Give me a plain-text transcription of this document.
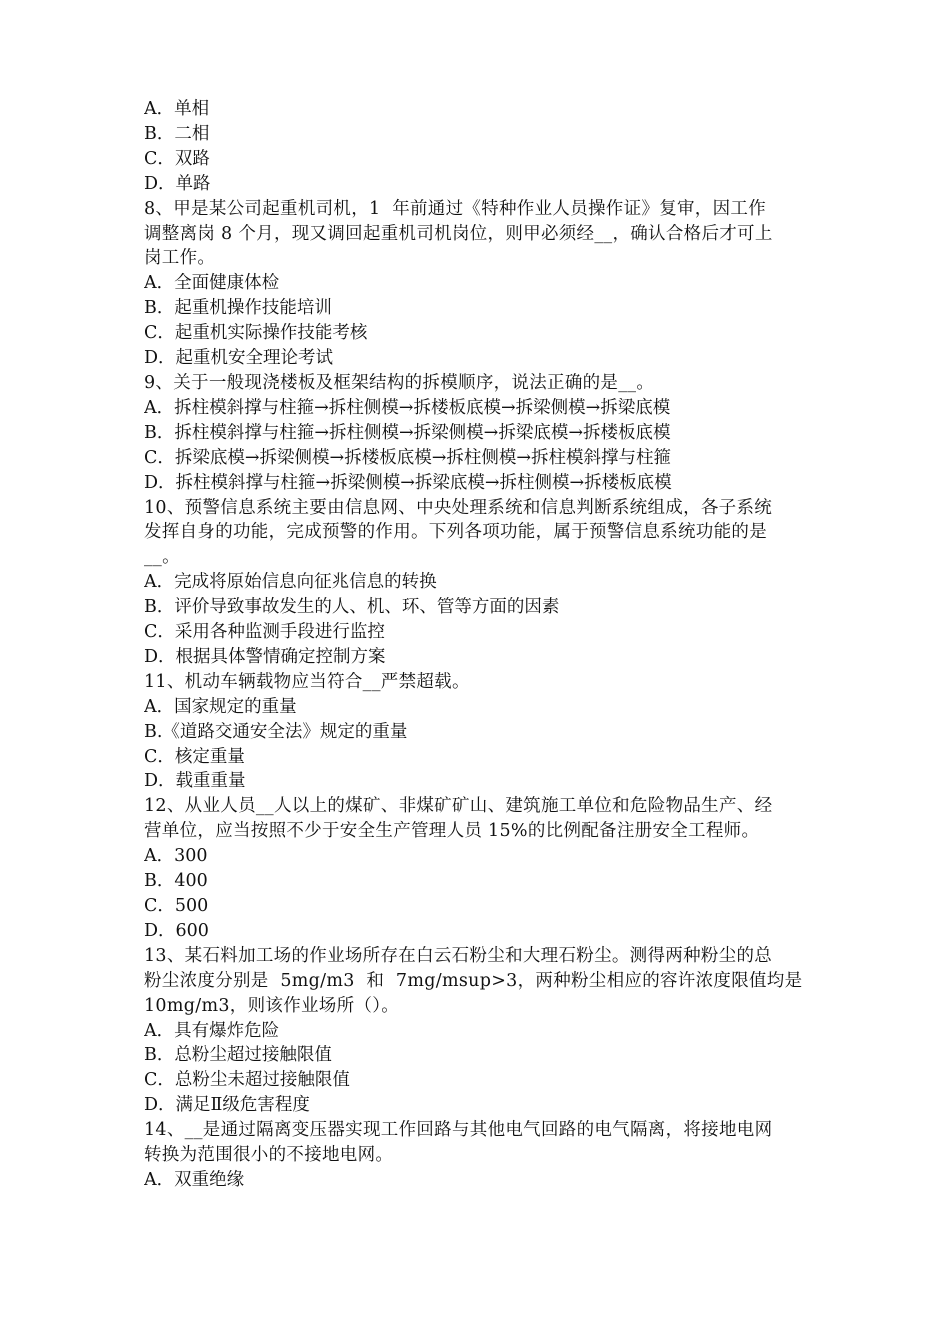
A．单相
B．二相
C．双路
D．单路
8、甲是某公司起重机司机，1  年前通过《特种作业人员操作证》复审，因工作
调整离岗 8 个月，现又调回起重机司机岗位，则甲必须经__，确认合格后才可上
岗工作。
A．全面健康体检
B．起重机操作技能培训
C．起重机实际操作技能考核
D．起重机安全理论考试
9、关于一般现浇楼板及框架结构的拆模顺序，说法正确的是__。
A．拆柱模斜撑与柱箍→拆柱侧模→拆楼板底模→拆梁侧模→拆梁底模
B．拆柱模斜撑与柱箍→拆柱侧模→拆梁侧模→拆梁底模→拆楼板底模
C．拆梁底模→拆梁侧模→拆楼板底模→拆柱侧模→拆柱模斜撑与柱箍
D．拆柱模斜撑与柱箍→拆梁侧模→拆梁底模→拆柱侧模→拆楼板底模
10、预警信息系统主要由信息网、中央处理系统和信息判断系统组成，各子系统
发挥自身的功能，完成预警的作用。下列各项功能，属于预警信息系统功能的是
__。
A．完成将原始信息向征兆信息的转换
B．评价导致事故发生的人、机、环、管等方面的因素
C．采用各种监测手段进行监控
D．根据具体警情确定控制方案
11、机动车辆载物应当符合__严禁超载。
A．国家规定的重量
B.《道路交通安全法》规定的重量
C．核定重量
D．载重重量
12、从业人员__人以上的煤矿、非煤矿矿山、建筑施工单位和危险物品生产、经
营单位，应当按照不少于安全生产管理人员 15%的比例配备注册安全工程师。
A．300
B．400
C．500
D．600
13、某石料加工场的作业场所存在白云石粉尘和大理石粉尘。测得两种粉尘的总
粉尘浓度分别是  5mg/m3  和  7mg/msup>3，两种粉尘相应的容许浓度限值均是
10mg/m3，则该作业场所（）。
A．具有爆炸危险
B．总粉尘超过接触限值
C．总粉尘未超过接触限值
D．满足Ⅱ级危害程度
14、__是通过隔离变压器实现工作回路与其他电气回路的电气隔离，将接地电网
转换为范围很小的不接地电网。
A．双重绝缘
